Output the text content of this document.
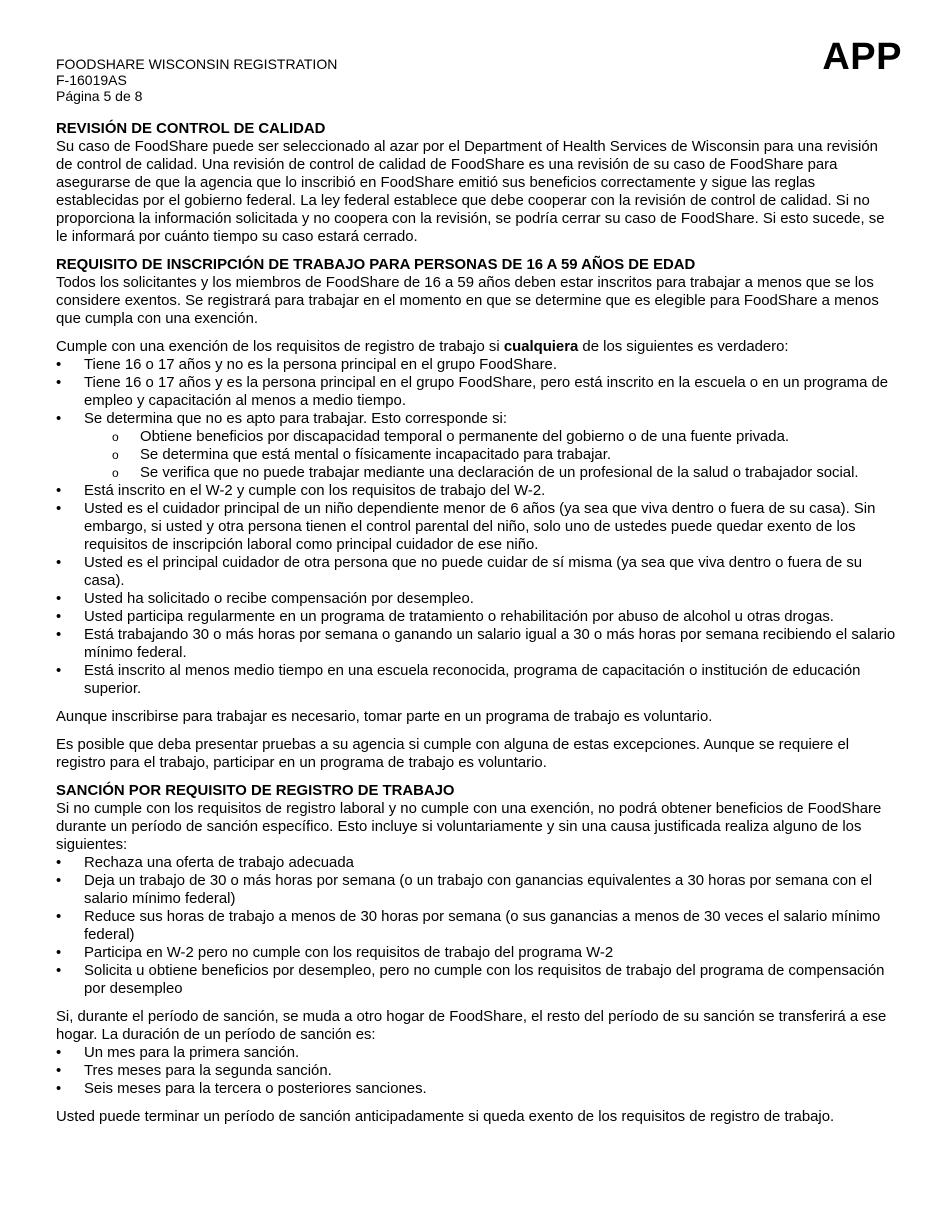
APP
FOODSHARE WISCONSIN REGISTRATION
F-16019AS
Página 5 de 8
REVISIÓN DE CONTROL DE CALIDAD

Su caso de FoodShare puede ser seleccionado al azar por el Department of Health Services de Wisconsin para una revisión de control de calidad. Una revisión de control de calidad de FoodShare es una revisión de su caso de FoodShare para asegurarse de que la agencia que lo inscribió en FoodShare emitió sus beneficios correctamente y sigue las reglas establecidas por el gobierno federal. La ley federal establece que debe cooperar con la revisión de control de calidad. Si no proporciona la información solicitada y no coopera con la revisión, se podría cerrar su caso de FoodShare. Si esto sucede, se le informará por cuánto tiempo su caso estará cerrado.

REQUISITO DE INSCRIPCIÓN DE TRABAJO PARA PERSONAS DE 16 A 59 AÑOS DE EDAD

Todos los solicitantes y los miembros de FoodShare de 16 a 59 años deben estar inscritos para trabajar a menos que se los considere exentos. Se registrará para trabajar en el momento en que se determine que es elegible para FoodShare a menos que cumpla con una exención.

Cumple con una exención de los requisitos de registro de trabajo si cualquiera de los siguientes es verdadero:

• Tiene 16 o 17 años y no es la persona principal en el grupo FoodShare.
• Tiene 16 o 17 años y es la persona principal en el grupo FoodShare, pero está inscrito en la escuela o en un programa de empleo y capacitación al menos a medio tiempo.
• Se determina que no es apto para trabajar. Esto corresponde si:
o Obtiene beneficios por discapacidad temporal o permanente del gobierno o de una fuente privada.
o Se determina que está mental o físicamente incapacitado para trabajar.
o Se verifica que no puede trabajar mediante una declaración de un profesional de la salud o trabajador social.
• Está inscrito en el W-2 y cumple con los requisitos de trabajo del W-2.
• Usted es el cuidador principal de un niño dependiente menor de 6 años (ya sea que viva dentro o fuera de su casa). Sin embargo, si usted y otra persona tienen el control parental del niño, solo uno de ustedes puede quedar exento de los requisitos de inscripción laboral como principal cuidador de ese niño.
• Usted es el principal cuidador de otra persona que no puede cuidar de sí misma (ya sea que viva dentro o fuera de su casa).
• Usted ha solicitado o recibe compensación por desempleo.
• Usted participa regularmente en un programa de tratamiento o rehabilitación por abuso de alcohol u otras drogas.
• Está trabajando 30 o más horas por semana o ganando un salario igual a 30 o más horas por semana recibiendo el salario mínimo federal.
• Está inscrito al menos medio tiempo en una escuela reconocida, programa de capacitación o institución de educación superior.

Aunque inscribirse para trabajar es necesario, tomar parte en un programa de trabajo es voluntario.

Es posible que deba presentar pruebas a su agencia si cumple con alguna de estas excepciones. Aunque se requiere el registro para el trabajo, participar en un programa de trabajo es voluntario.

SANCIÓN POR REQUISITO DE REGISTRO DE TRABAJO

Si no cumple con los requisitos de registro laboral y no cumple con una exención, no podrá obtener beneficios de FoodShare durante un período de sanción específico. Esto incluye si voluntariamente y sin una causa justificada realiza alguno de los siguientes:

• Rechaza una oferta de trabajo adecuada
• Deja un trabajo de 30 o más horas por semana (o un trabajo con ganancias equivalentes a 30 horas por semana con el salario mínimo federal)
• Reduce sus horas de trabajo a menos de 30 horas por semana (o sus ganancias a menos de 30 veces el salario mínimo federal)
• Participa en W-2 pero no cumple con los requisitos de trabajo del programa W-2
• Solicita u obtiene beneficios por desempleo, pero no cumple con los requisitos de trabajo del programa de compensación por desempleo

Si, durante el período de sanción, se muda a otro hogar de FoodShare, el resto del período de su sanción se transferirá a ese hogar. La duración de un período de sanción es:

• Un mes para la primera sanción.
• Tres meses para la segunda sanción.
• Seis meses para la tercera o posteriores sanciones.

Usted puede terminar un período de sanción anticipadamente si queda exento de los requisitos de registro de trabajo.
